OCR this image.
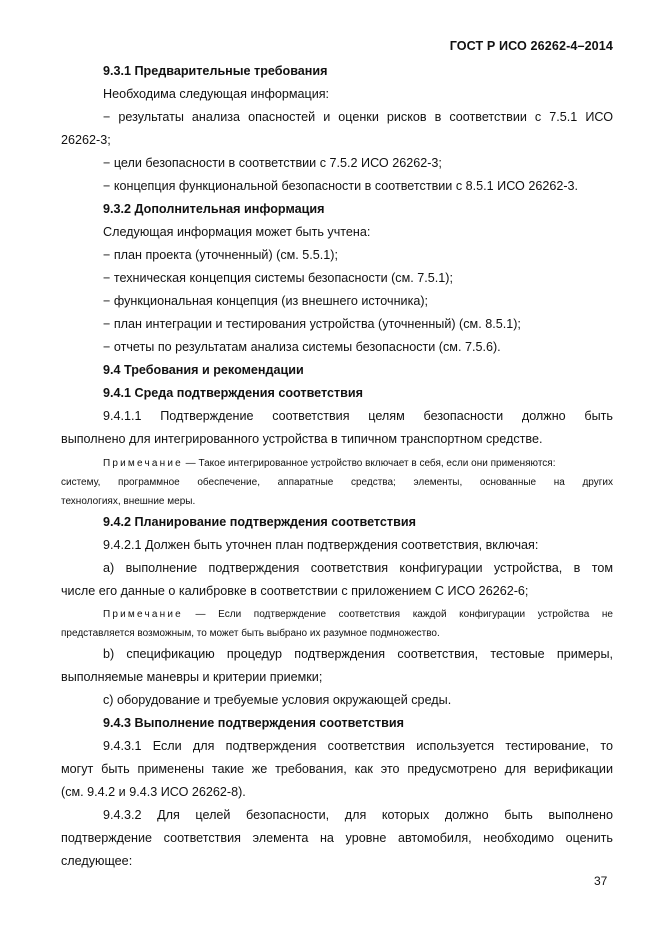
ГОСТ Р ИСО 26262-4–2014
9.3.1 Предварительные требования
Необходима следующая информация:
− результаты анализа опасностей и оценки рисков в соответствии с 7.5.1 ИСО
26262-3;
− цели безопасности в соответствии с 7.5.2 ИСО 26262-3;
− концепция функциональной безопасности в соответствии с 8.5.1 ИСО 26262-3.
9.3.2 Дополнительная информация
Следующая информация может быть учтена:
− план проекта (уточненный) (см. 5.5.1);
− техническая концепция системы безопасности (см. 7.5.1);
− функциональная концепция (из внешнего источника);
− план интеграции и тестирования устройства (уточненный) (см. 8.5.1);
− отчеты по результатам анализа системы безопасности (см. 7.5.6).
9.4 Требования и рекомендации
9.4.1 Среда подтверждения соответствия
9.4.1.1 Подтверждение соответствия целям безопасности должно быть
выполнено для интегрированного устройства в типичном транспортном средстве.
Примечание — Такое интегрированное устройство включает в себя, если они применяются:
систему, программное обеспечение, аппаратные средства; элементы, основанные на других
технологиях, внешние меры.
9.4.2 Планирование подтверждения соответствия
9.4.2.1 Должен быть уточнен план подтверждения соответствия, включая:
a) выполнение подтверждения соответствия конфигурации устройства, в том
числе его данные о калибровке в соответствии с приложением С ИСО 26262-6;
Примечание — Если подтверждение соответствия каждой конфигурации устройства не
представляется возможным, то может быть выбрано их разумное подмножество.
b) спецификацию процедур подтверждения соответствия, тестовые примеры,
выполняемые маневры и критерии приемки;
c) оборудование и требуемые условия окружающей среды.
9.4.3 Выполнение подтверждения соответствия
9.4.3.1 Если для подтверждения соответствия используется тестирование, то
могут быть применены такие же требования, как это предусмотрено для верификации
(см. 9.4.2 и 9.4.3 ИСО 26262-8).
9.4.3.2 Для целей безопасности, для которых должно быть выполнено
подтверждение соответствия элемента на уровне автомобиля, необходимо оценить
следующее:
37
